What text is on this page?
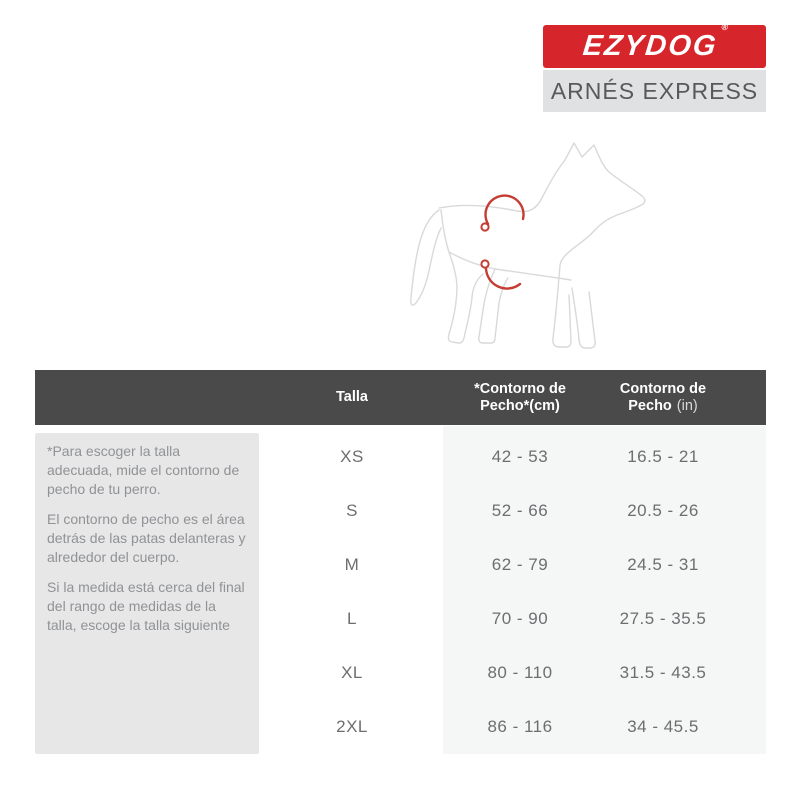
EZYDOG®
ARNÉS EXPRESS
Talla
*Contorno de
Pecho*(cm)
Contorno de
Pecho (in)

*Para escoger la talla adecuada, mide el contorno de pecho de tu perro.

El contorno de pecho es el área detrás de las patas delanteras y alrededor del cuerpo.

Si la medida está cerca del final del rango de medidas de la talla, escoge la talla siguiente

XS	42 - 53	16.5 - 21
S	52 - 66	20.5 - 26
M	62 - 79	24.5 - 31
L	70 - 90	27.5 - 35.5
XL	80 - 110	31.5 - 43.5
2XL	86 - 116	34 - 45.5
